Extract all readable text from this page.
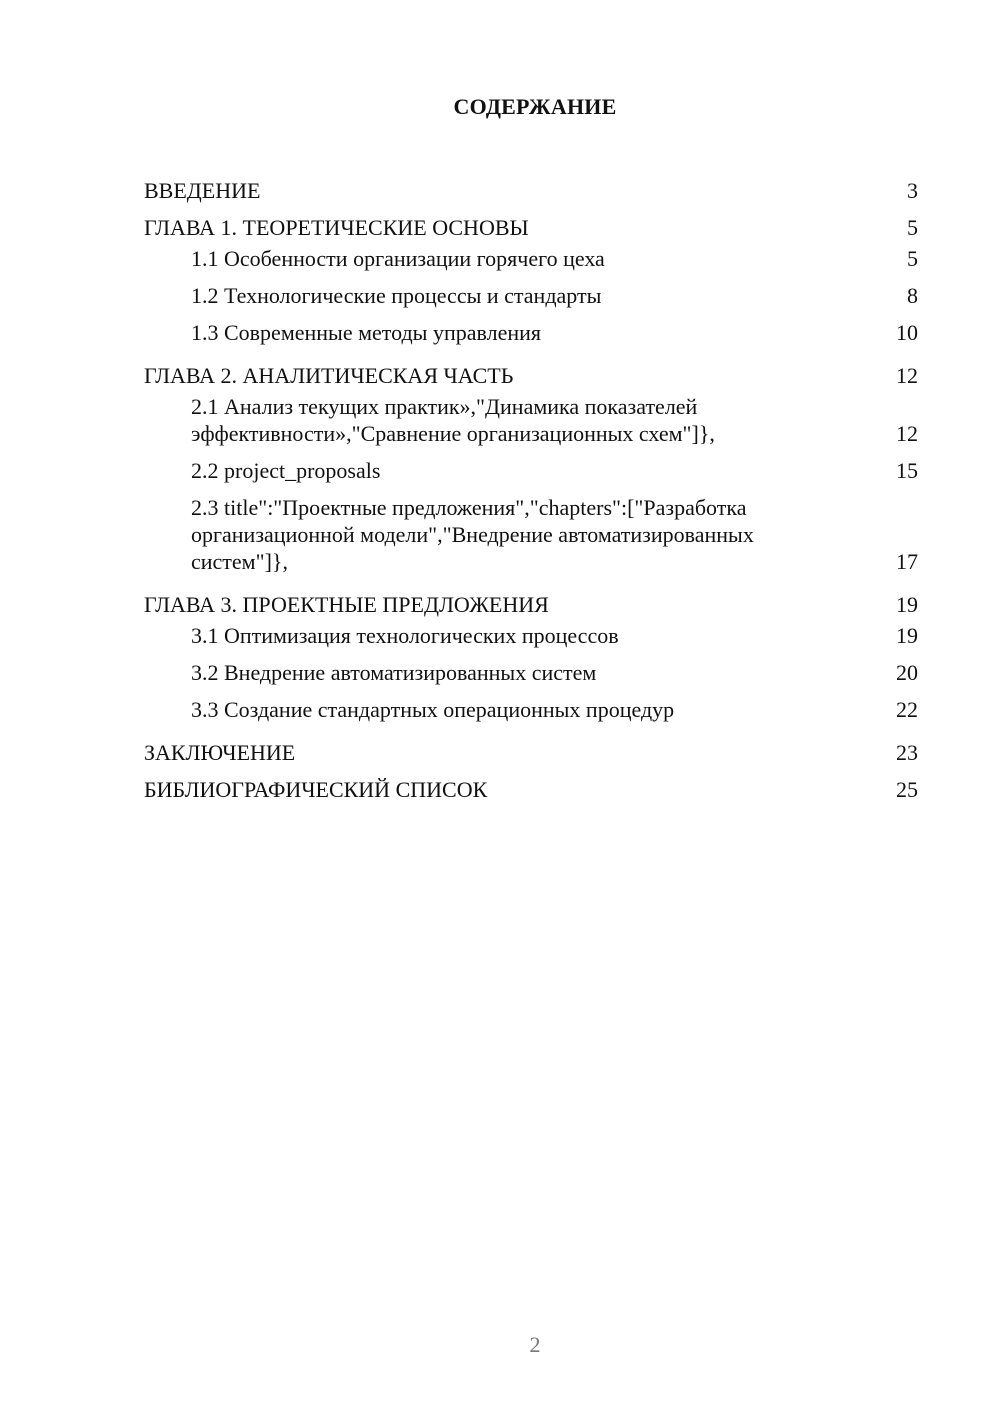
СОДЕРЖАНИЕ
ВВЕДЕНИЕ	3
ГЛАВА 1. ТЕОРЕТИЧЕСКИЕ ОСНОВЫ	5
1.1 Особенности организации горячего цеха	5
1.2 Технологические процессы и стандарты	8
1.3 Современные методы управления	10
ГЛАВА 2. АНАЛИТИЧЕСКАЯ ЧАСТЬ	12
2.1 Анализ текущих практик»,"Динамика показателей эффективности»,"Сравнение организационных схем"]},	12
2.2 project_proposals	15
2.3 title":"Проектные предложения","chapters":["Разработка организационной модели","Внедрение автоматизированных систем"]},	17
ГЛАВА 3. ПРОЕКТНЫЕ ПРЕДЛОЖЕНИЯ	19
3.1 Оптимизация технологических процессов	19
3.2 Внедрение автоматизированных систем	20
3.3 Создание стандартных операционных процедур	22
ЗАКЛЮЧЕНИЕ	23
БИБЛИОГРАФИЧЕСКИЙ СПИСОК	25
2
